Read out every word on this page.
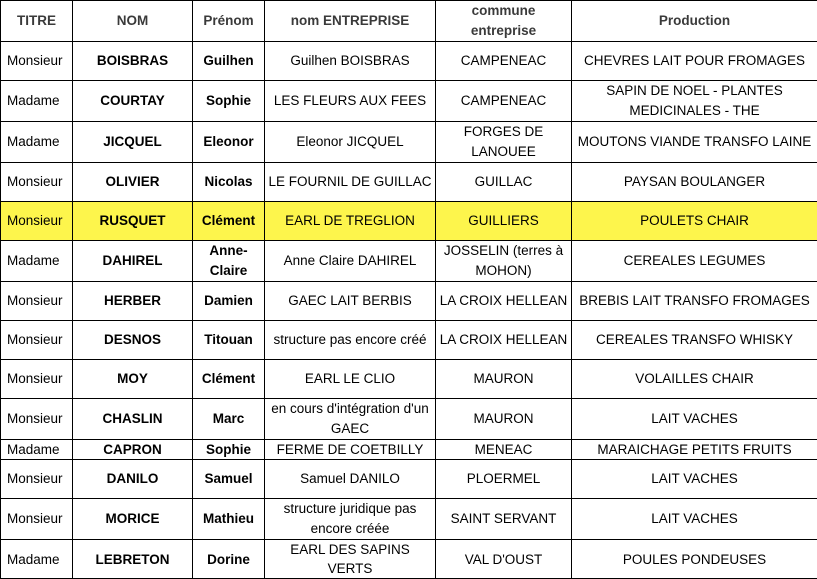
TITRE	NOM	Prénom	nom ENTREPRISE	commune entreprise	Production
Monsieur	BOISBRAS	Guilhen	Guilhen BOISBRAS	CAMPENEAC	CHEVRES LAIT POUR FROMAGES
Madame	COURTAY	Sophie	LES FLEURS AUX FEES	CAMPENEAC	SAPIN DE NOEL - PLANTES MEDICINALES - THE
Madame	JICQUEL	Eleonor	Eleonor JICQUEL	FORGES DE LANOUEE	MOUTONS VIANDE TRANSFO LAINE
Monsieur	OLIVIER	Nicolas	LE FOURNIL DE GUILLAC	GUILLAC	PAYSAN BOULANGER
Monsieur	RUSQUET	Clément	EARL DE TREGLION	GUILLIERS	POULETS CHAIR
Madame	DAHIREL	Anne-Claire	Anne Claire DAHIREL	JOSSELIN (terres à MOHON)	CEREALES LEGUMES
Monsieur	HERBER	Damien	GAEC LAIT BERBIS	LA CROIX HELLEAN	BREBIS LAIT TRANSFO FROMAGES
Monsieur	DESNOS	Titouan	structure pas encore créé	LA CROIX HELLEAN	CEREALES TRANSFO WHISKY
Monsieur	MOY	Clément	EARL LE CLIO	MAURON	VOLAILLES CHAIR
Monsieur	CHASLIN	Marc	en cours d'intégration d'un GAEC	MAURON	LAIT VACHES
Madame	CAPRON	Sophie	FERME DE COETBILLY	MENEAC	MARAICHAGE PETITS FRUITS
Monsieur	DANILO	Samuel	Samuel DANILO	PLOERMEL	LAIT VACHES
Monsieur	MORICE	Mathieu	structure juridique pas encore créée	SAINT SERVANT	LAIT VACHES
Madame	LEBRETON	Dorine	EARL DES SAPINS VERTS	VAL D'OUST	POULES PONDEUSES
